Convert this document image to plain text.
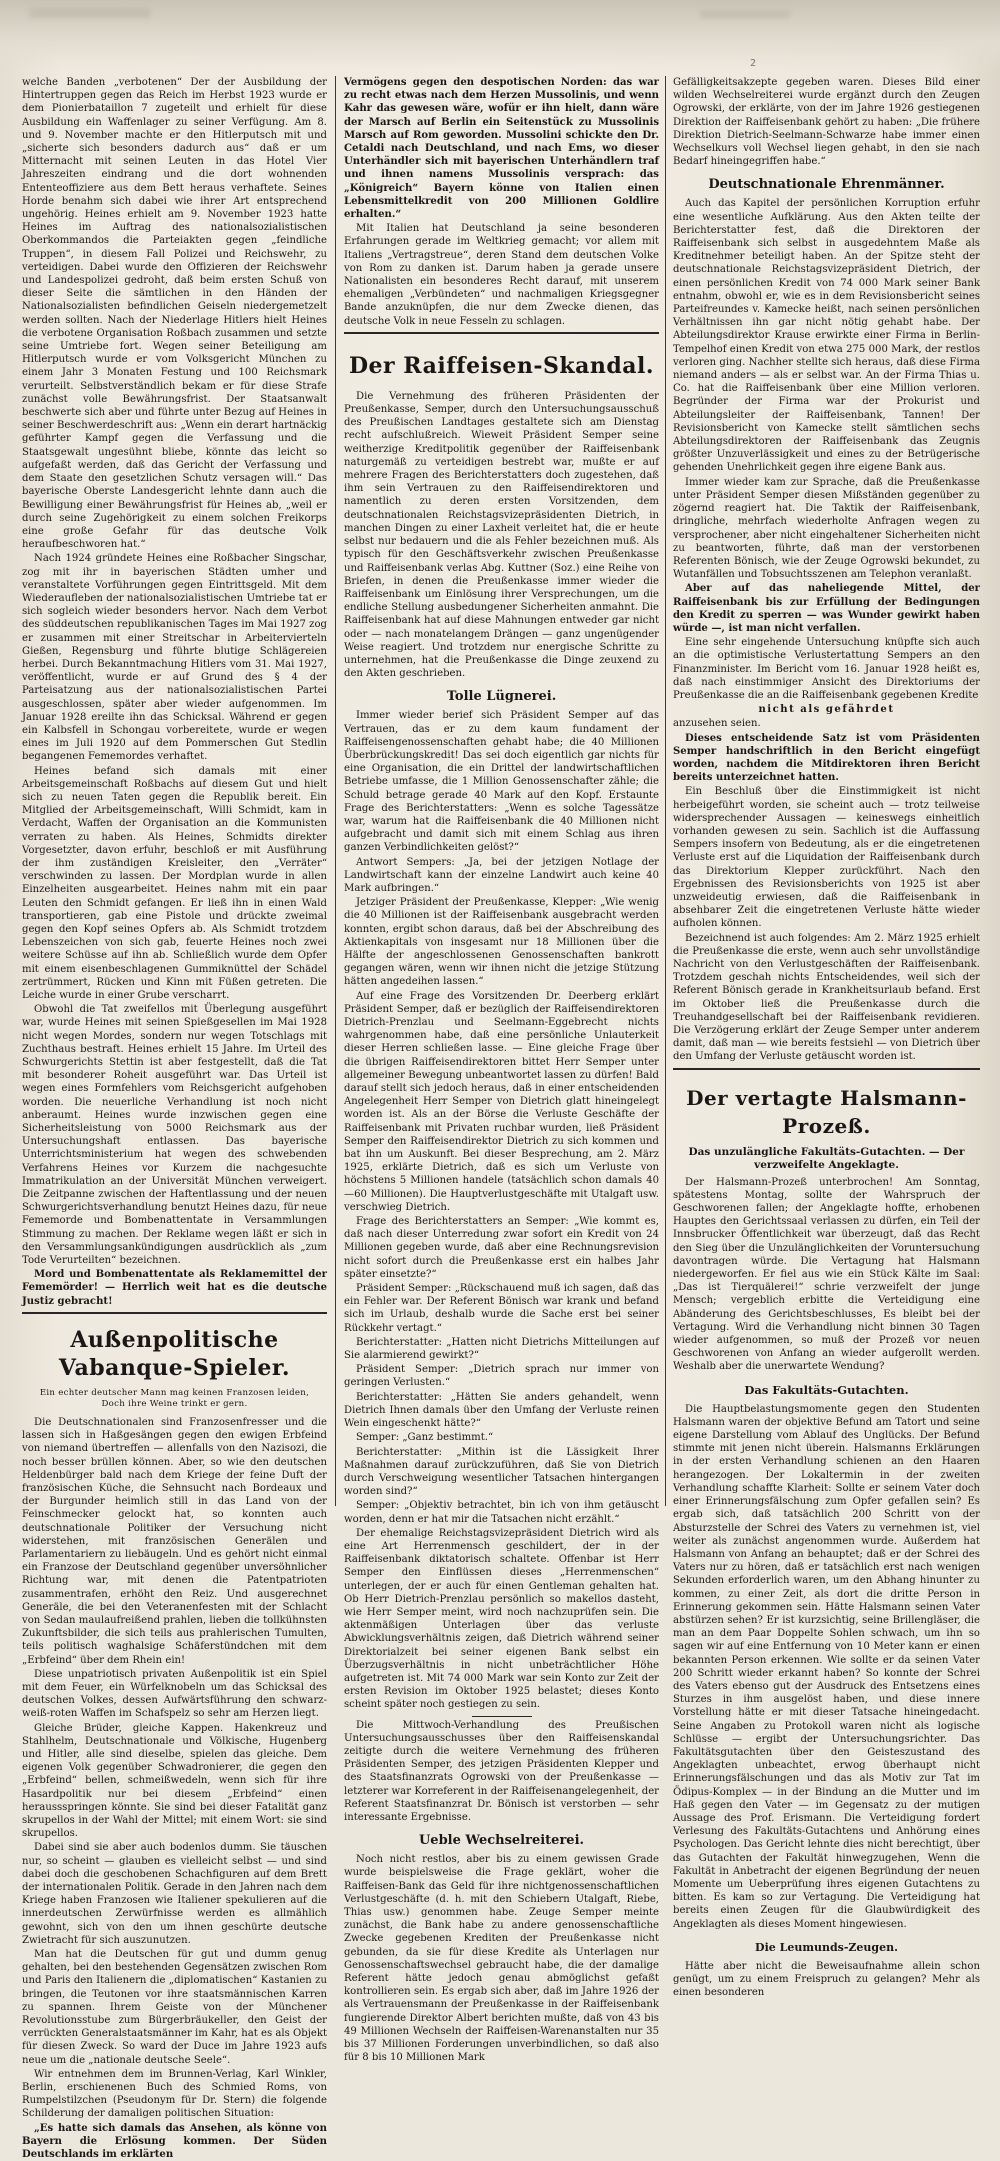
2

welche Banden „verbotenen“ Der der Ausbildung der Hintertruppen gegen das Reich im Herbst 1923 wurde er dem Pionierbataillon 7 zugeteilt und erhielt für diese Ausbildung ein Waffenlager zu seiner Verfügung. Am 8. und 9. November machte er den Hitlerputsch mit und „sicherte sich besonders dadurch aus“ daß er um Mitternacht mit seinen Leuten in das Hotel Vier Jahreszeiten eindrang und die dort wohnenden Ententeoffiziere aus dem Bett heraus verhaftete. Seines Horde benahm sich dabei wie ihrer Art entsprechend ungehörig. Heines erhielt am 9. November 1923 hatte Heines im Auftrag des nationalsozialistischen Oberkommandos die Parteiakten gegen „feindliche Truppen“, in diesem Fall Polizei und Reichswehr, zu verteidigen. Dabei wurde den Offizieren der Reichswehr und Landespolizei gedroht, daß beim ersten Schuß von dieser Seite die sämtlichen in den Händen der Nationalsozialisten befindlichen Geiseln niedergemetzelt werden sollten. Nach der Niederlage Hitlers hielt Heines die verbotene Organisation Roßbach zusammen und setzte seine Umtriebe fort. Wegen seiner Beteiligung am Hitlerputsch wurde er vom Volksgericht München zu einem Jahr 3 Monaten Festung und 100 Reichsmark verurteilt. Selbstverständlich bekam er für diese Strafe zunächst volle Bewährungsfrist. Der Staatsanwalt beschwerte sich aber und führte unter Bezug auf Heines in seiner Beschwerdeschrift aus: „Wenn ein derart hartnäckig geführter Kampf gegen die Verfassung und die Staatsgewalt ungesühnt bliebe, könnte das leicht so aufgefaßt werden, daß das Gericht der Verfassung und dem Staate den gesetzlichen Schutz versagen will.“ Das bayerische Oberste Landesgericht lehnte dann auch die Bewilligung einer Bewährungsfrist für Heines ab, „weil er durch seine Zugehörigkeit zu einem solchen Freikorps eine große Gefahr für das deutsche Volk heraufbeschworen hat.“

Nach 1924 gründete Heines eine Roßbacher Singschar, zog mit ihr in bayerischen Städten umher und veranstaltete Vorführungen gegen Eintrittsgeld. Mit dem Wiederaufleben der nationalsozialistischen Umtriebe tat er sich sogleich wieder besonders hervor. Nach dem Verbot des süddeutschen republikanischen Tages im Mai 1927 zog er zusammen mit einer Streitschar in Arbeitervierteln Gießen, Regensburg und führte blutige Schlägereien herbei. Durch Bekanntmachung Hitlers vom 31. Mai 1927, veröffentlicht, wurde er auf Grund des § 4 der Parteisatzung aus der nationalsozialistischen Partei ausgeschlossen, später aber wieder aufgenommen. Im Januar 1928 ereilte ihn das Schicksal. Während er gegen ein Kalbsfell in Schongau vorbereitete, wurde er wegen eines im Juli 1920 auf dem Pommerschen Gut Stedlin begangenen Fememordes verhaftet.

Heines befand sich damals mit einer Arbeitsgemeinschaft Roßbachs auf diesem Gut und hielt sich zu neuen Taten gegen die Republik bereit. Ein Mitglied der Arbeitsgemeinschaft, Willi Schmidt, kam in Verdacht, Waffen der Organisation an die Kommunisten verraten zu haben. Als Heines, Schmidts direkter Vorgesetzter, davon erfuhr, beschloß er mit Ausführung der ihm zuständigen Kreisleiter, den „Verräter“ verschwinden zu lassen. Der Mordplan wurde in allen Einzelheiten ausgearbeitet. Heines nahm mit ein paar Leuten den Schmidt gefangen. Er ließ ihn in einen Wald transportieren, gab eine Pistole und drückte zweimal gegen den Kopf seines Opfers ab. Als Schmidt trotzdem Lebenszeichen von sich gab, feuerte Heines noch zwei weitere Schüsse auf ihn ab. Schließlich wurde dem Opfer mit einem eisenbeschlagenen Gummiknüttel der Schädel zertrümmert, Rücken und Kinn mit Füßen getreten. Die Leiche wurde in einer Grube verscharrt.

Obwohl die Tat zweifellos mit Überlegung ausgeführt war, wurde Heines mit seinen Spießgesellen im Mai 1928 nicht wegen Mordes, sondern nur wegen Totschlags mit Zuchthaus bestraft. Heines erhielt 15 Jahre. Im Urteil des Schwurgerichts Stettin ist aber festgestellt, daß die Tat mit besonderer Roheit ausgeführt war. Das Urteil ist wegen eines Formfehlers vom Reichsgericht aufgehoben worden. Die neuerliche Verhandlung ist noch nicht anberaumt. Heines wurde inzwischen gegen eine Sicherheitsleistung von 5000 Reichsmark aus der Untersuchungshaft entlassen. Das bayerische Unterrichtsministerium hat wegen des schwebenden Verfahrens Heines vor Kurzem die nachgesuchte Immatrikulation an der Universität München verweigert. Die Zeitpanne zwischen der Haftentlassung und der neuen Schwurgerichtsverhandlung benutzt Heines dazu, für neue Fememorde und Bombenattentate in Versammlungen Stimmung zu machen. Der Reklame wegen läßt er sich in den Versammlungsankündigungen ausdrücklich als „zum Tode Verurteilten“ bezeichnen.

Mord und Bombenattentate als Reklamemittel der Fememörder! — Herrlich weit hat es die deutsche Justiz gebracht!

Außenpolitische Vabanque-Spieler.
Ein echter deutscher Mann mag keinen Franzosen leiden,
Doch ihre Weine trinkt er gern.

Die Deutschnationalen sind Franzosenfresser und die lassen sich in Haßgesängen gegen den ewigen Erbfeind von niemand übertreffen — allenfalls von den Nazisozi, die noch besser brüllen können. Aber, so wie den deutschen Heldenbürger bald nach dem Kriege der feine Duft der französischen Küche, die Sehnsucht nach Bordeaux und der Burgunder heimlich still in das Land von der Feinschmecker gelockt hat, so konnten auch deutschnationale Politiker der Versuchung nicht widerstehen, mit französischen Generälen und Parlamentariern zu liebäugeln. Und es gehört nicht einmal ein Franzose der Deutschland gegenüber unversöhnlicher Richtung war, mit denen die Patentpatrioten zusammentrafen, erhöht den Reiz. Und ausgerechnet Generäle, die bei den Veteranenfesten mit der Schlacht von Sedan maulaufreißend prahlen, lieben die tollkühnsten Zukunftsbilder, die sich teils aus prahlerischen Tumulten, teils politisch waghalsige Schäferstündchen mit dem „Erbfeind“ über dem Rhein ein!

Diese unpatriotisch privaten Außenpolitik ist ein Spiel mit dem Feuer, ein Würfelknobeln um das Schicksal des deutschen Volkes, dessen Aufwärtsführung den schwarz-weiß-roten Waffen im Schafspelz so sehr am Herzen liegt.

Gleiche Brüder, gleiche Kappen. Hakenkreuz und Stahlhelm, Deutschnationale und Völkische, Hugenberg und Hitler, alle sind dieselbe, spielen das gleiche. Dem eigenen Volk gegenüber Schwadronierer, die gegen den „Erbfeind“ bellen, schmeißwedeln, wenn sich für ihre Hasardpolitik nur bei diesem „Erbfeind“ einen heraussspringen könnte. Sie sind bei dieser Fatalität ganz skrupellos in der Wahl der Mittel; mit einem Wort: sie sind skrupellos.

Dabei sind sie aber auch bodenlos dumm. Sie täuschen nur, so scheint — glauben es vielleicht selbst — und sind dabei doch die geschobenen Schachfiguren auf dem Brett der internationalen Politik. Gerade in den Jahren nach dem Kriege haben Franzosen wie Italiener spekulieren auf die innerdeutschen Zerwürfnisse werden es allmählich gewohnt, sich von den um ihnen geschürte deutsche Zwietracht für sich auszunutzen.

Man hat die Deutschen für gut und dumm genug gehalten, bei den bestehenden Gegensätzen zwischen Rom und Paris den Italienern die „diplomatischen“ Kastanien zu bringen, die Teutonen vor ihre staatsmännischen Karren zu spannen. Ihrem Geiste von der Münchener Revolutionsstube zum Bürgerbräukeller, den Geist der verrückten Generalstaatsmänner im Kahr, hat es als Objekt für diesen Zweck. So ward der Duce im Jahre 1923 aufs neue um die „nationale deutsche Seele“.

Wir entnehmen dem im Brunnen-Verlag, Karl Winkler, Berlin, erschienenen Buch des Schmied Roms, von Rumpelstilzchen (Pseudonym für Dr. Stern) die folgende Schilderung der damaligen politischen Situation:

„Es hatte sich damals das Ansehen, als könne von Bayern die Erlösung kommen. Der Süden Deutschlands im erklärten

Vermögens gegen den despotischen Norden: das war zu recht etwas nach dem Herzen Mussolinis, und wenn Kahr das gewesen wäre, wofür er ihn hielt, dann wäre der Marsch auf Berlin ein Seitenstück zu Mussolinis Marsch auf Rom geworden. Mussolini schickte den Dr. Cetaldi nach Deutschland, und nach Ems, wo dieser Unterhändler sich mit bayerischen Unterhändlern traf und ihnen namens Mussolinis versprach: das „Königreich“ Bayern könne von Italien einen Lebensmittelkredit von 200 Millionen Goldlire erhalten.“

Mit Italien hat Deutschland ja seine besonderen Erfahrungen gerade im Weltkrieg gemacht; vor allem mit Italiens „Vertragstreue“, deren Stand dem deutschen Volke von Rom zu danken ist. Darum haben ja gerade unsere Nationalisten ein besonderes Recht darauf, mit unserem ehemaligen „Verbündeten“ und nachmaligen Kriegsgegner Bande anzuknüpfen, die nur dem Zwecke dienen, das deutsche Volk in neue Fesseln zu schlagen.

Der Raiffeisen-Skandal.

Die Vernehmung des früheren Präsidenten der Preußenkasse, Semper, durch den Untersuchungsausschuß des Preußischen Landtages gestaltete sich am Dienstag recht aufschlußreich. Wieweit Präsident Semper seine weitherzige Kreditpolitik gegenüber der Raiffeisenbank naturgemäß zu verteidigen bestrebt war, mußte er auf mehrere Fragen des Berichterstatters doch zugestehen, daß ihm sein Vertrauen zu den Raiffeisendirektoren und namentlich zu deren ersten Vorsitzenden, dem deutschnationalen Reichstagsvizepräsidenten Dietrich, in manchen Dingen zu einer Laxheit verleitet hat, die er heute selbst nur bedauern und die als Fehler bezeichnen muß. Als typisch für den Geschäftsverkehr zwischen Preußenkasse und Raiffeisenbank verlas Abg. Kuttner (Soz.) eine Reihe von Briefen, in denen die Preußenkasse immer wieder die Raiffeisenbank um Einlösung ihrer Versprechungen, um die endliche Stellung ausbedungener Sicherheiten anmahnt. Die Raiffeisenbank hat auf diese Mahnungen entweder gar nicht oder — nach monatelangem Drängen — ganz ungenügender Weise reagiert. Und trotzdem nur energische Schritte zu unternehmen, hat die Preußenkasse die Dinge zeuxend zu den Akten geschrieben.

Tolle Lügnerei.

Immer wieder berief sich Präsident Semper auf das Vertrauen, das er zu dem kaum fundament der Raiffeisengenossenschaften gehabt habe; die 40 Millionen Überbrückungskredit! Das sei doch eigentlich gar nichts für eine Organisation, die ein Drittel der landwirtschaftlichen Betriebe umfasse, die 1 Million Genossenschafter zähle; die Schuld betrage gerade 40 Mark auf den Kopf. Erstaunte Frage des Berichterstatters: „Wenn es solche Tagessätze war, warum hat die Raiffeisenbank die 40 Millionen nicht aufgebracht und damit sich mit einem Schlag aus ihren ganzen Verbindlichkeiten gelöst?“

Antwort Sempers: „Ja, bei der jetzigen Notlage der Landwirtschaft kann der einzelne Landwirt auch keine 40 Mark aufbringen.“

Jetziger Präsident der Preußenkasse, Klepper: „Wie wenig die 40 Millionen ist der Raiffeisenbank ausgebracht werden konnten, ergibt schon daraus, daß bei der Abschreibung des Aktienkapitals von insgesamt nur 18 Millionen über die Hälfte der angeschlossenen Genossenschaften bankrott gegangen wären, wenn wir ihnen nicht die jetzige Stützung hätten angedeihen lassen.“

Auf eine Frage des Vorsitzenden Dr. Deerberg erklärt Präsident Semper, daß er bezüglich der Raiffeisendirektoren Dietrich-Prenzlau und Seelmann-Eggebrecht nichts wahrgenommen habe, daß eine persönliche Unlauterkeit dieser Herren schließen lasse. — Eine gleiche Frage über die übrigen Raiffeisendirektoren bittet Herr Semper unter allgemeiner Bewegung unbeantwortet lassen zu dürfen! Bald darauf stellt sich jedoch heraus, daß in einer entscheidenden Angelegenheit Herr Semper von Dietrich glatt hineingelegt worden ist. Als an der Börse die Verluste Geschäfte der Raiffeisenbank mit Privaten ruchbar wurden, ließ Präsident Semper den Raiffeisendirektor Dietrich zu sich kommen und bat ihn um Auskunft. Bei dieser Besprechung, am 2. März 1925, erklärte Dietrich, daß es sich um Verluste von höchstens 5 Millionen handele (tatsächlich schon damals 40—60 Millionen). Die Hauptverlustgeschäfte mit Utalgaft usw. verschwieg Dietrich.

Frage des Berichterstatters an Semper: „Wie kommt es, daß nach dieser Unterredung zwar sofort ein Kredit von 24 Millionen gegeben wurde, daß aber eine Rechnungsrevision nicht sofort durch die Preußenkasse erst ein halbes Jahr später einsetzte?“

Präsident Semper: „Rückschauend muß ich sagen, daß das ein Fehler war. Der Referent Bönisch war krank und befand sich im Urlaub, deshalb wurde die Sache erst bei seiner Rückkehr vertagt.“

Berichterstatter: „Hatten nicht Dietrichs Mitteilungen auf Sie alarmierend gewirkt?“

Präsident Semper: „Dietrich sprach nur immer von geringen Verlusten.“

Berichterstatter: „Hätten Sie anders gehandelt, wenn Dietrich Ihnen damals über den Umfang der Verluste reinen Wein eingeschenkt hätte?“

Semper: „Ganz bestimmt.“

Berichterstatter: „Mithin ist die Lässigkeit Ihrer Maßnahmen darauf zurückzuführen, daß Sie von Dietrich durch Verschweigung wesentlicher Tatsachen hintergangen worden sind?“

Semper: „Objektiv betrachtet, bin ich von ihm getäuscht worden, denn er hat mir die Tatsachen nicht erzählt.“

Der ehemalige Reichstagsvizepräsident Dietrich wird als eine Art Herrenmensch geschildert, der in der Raiffeisenbank diktatorisch schaltete. Offenbar ist Herr Semper den Einflüssen dieses „Herrenmenschen“ unterlegen, der er auch für einen Gentleman gehalten hat. Ob Herr Dietrich-Prenzlau persönlich so makellos dasteht, wie Herr Semper meint, wird noch nachzuprüfen sein. Die aktenmäßigen Unterlagen über das verluste Abwicklungsverhältnis zeigen, daß Dietrich während seiner Direktorialzeit bei seiner eigenen Bank selbst ein Überzugsverhältnis in nicht unbeträchtlicher Höhe aufgetreten ist. Mit 74 000 Mark war sein Konto zur Zeit der ersten Revision im Oktober 1925 belastet; dieses Konto scheint später noch gestiegen zu sein.

Die Mittwoch-Verhandlung des Preußischen Untersuchungsausschusses über den Raiffeisenskandal zeitigte durch die weitere Vernehmung des früheren Präsidenten Semper, des jetzigen Präsidenten Klepper und des Staatsfinanzrats Ogrowski von der Preußenkasse — letzterer war Korreferent in der Raiffeisenangelegenheit, der Referent Staatsfinanzrat Dr. Bönisch ist verstorben — sehr interessante Ergebnisse.

Ueble Wechselreiterei.

Noch nicht restlos, aber bis zu einem gewissen Grade wurde beispielsweise die Frage geklärt, woher die Raiffeisen-Bank das Geld für ihre nichtgenossenschaftlichen Verlustgeschäfte (d. h. mit den Schiebern Utalgaft, Riebe, Thias usw.) genommen habe. Zeuge Semper meinte zunächst, die Bank habe zu andere genossenschaftliche Zwecke gegebenen Krediten der Preußenkasse nicht gebunden, da sie für diese Kredite als Unterlagen nur Genossenschaftswechsel gebraucht habe, die der damalige Referent hätte jedoch genau abmöglichst gefaßt kontrollieren sein. Es ergab sich aber, daß im Jahre 1926 der als Vertrauensmann der Preußenkasse in der Raiffeisenbank fungierende Direktor Albert berichten mußte, daß von 43 bis 49 Millionen Wechseln der Raiffeisen-Warenanstalten nur 35 bis 37 Millionen Forderungen unverbindlichen, so daß also für 8 bis 10 Millionen Mark

Gefälligkeitsakzepte gegeben waren. Dieses Bild einer wilden Wechselreiterei wurde ergänzt durch den Zeugen Ogrowski, der erklärte, von der im Jahre 1926 gestiegenen Direktion der Raiffeisenbank gehört zu haben: „Die frühere Direktion Dietrich-Seelmann-Schwarze habe immer einen Wechselkurs voll Wechsel liegen gehabt, in den sie nach Bedarf hineingegriffen habe.“

Deutschnationale Ehrenmänner.

Auch das Kapitel der persönlichen Korruption erfuhr eine wesentliche Aufklärung. Aus den Akten teilte der Berichterstatter fest, daß die Direktoren der Raiffeisenbank sich selbst in ausgedehntem Maße als Kreditnehmer beteiligt haben. An der Spitze steht der deutschnationale Reichstagsvizepräsident Dietrich, der einen persönlichen Kredit von 74 000 Mark seiner Bank entnahm, obwohl er, wie es in dem Revisionsbericht seines Parteifreundes v. Kamecke heißt, nach seinen persönlichen Verhältnissen ihn gar nicht nötig gehabt habe. Der Abteilungsdirektor Krause erwirkte einer Firma in Berlin-Tempelhof einen Kredit von etwa 275 000 Mark, der restlos verloren ging. Nachher stellte sich heraus, daß diese Firma niemand anders — als er selbst war. An der Firma Thias u. Co. hat die Raiffeisenbank über eine Million verloren. Begründer der Firma war der Prokurist und Abteilungsleiter der Raiffeisenbank, Tannen! Der Revisionsbericht von Kamecke stellt sämtlichen sechs Abteilungsdirektoren der Raiffeisenbank das Zeugnis größter Unzuverlässigkeit und eines zu der Betrügerische gehenden Unehrlichkeit gegen ihre eigene Bank aus.

Immer wieder kam zur Sprache, daß die Preußenkasse unter Präsident Semper diesen Mißständen gegenüber zu zögernd reagiert hat. Die Taktik der Raiffeisenbank, dringliche, mehrfach wiederholte Anfragen wegen zu versprochener, aber nicht eingehaltener Sicherheiten nicht zu beantworten, führte, daß man der verstorbenen Referenten Bönisch, wie der Zeuge Ogrowski bekundet, zu Wutanfällen und Tobsuchtsszenen am Telephon veranlaßt.

Aber auf das naheliegende Mittel, der Raiffeisenbank bis zur Erfüllung der Bedingungen den Kredit zu sperren — was Wunder gewirkt haben würde —, ist man nicht verfallen.

Eine sehr eingehende Untersuchung knüpfte sich auch an die optimistische Verlustertattung Sempers an den Finanzminister. Im Bericht vom 16. Januar 1928 heißt es, daß nach einstimmiger Ansicht des Direktoriums der Preußenkasse die an die Raiffeisenbank gegebenen Kredite

nicht als gefährdet

anzusehen seien.

Dieses entscheidende Satz ist vom Präsidenten Semper handschriftlich in den Bericht eingefügt worden, nachdem die Mitdirektoren ihren Bericht bereits unterzeichnet hatten.

Ein Beschluß über die Einstimmigkeit ist nicht herbeigeführt worden, sie scheint auch — trotz teilweise widersprechender Aussagen — keineswegs einheitlich vorhanden gewesen zu sein. Sachlich ist die Auffassung Sempers insofern von Bedeutung, als er die eingetretenen Verluste erst auf die Liquidation der Raiffeisenbank durch das Direktorium Klepper zurückführt. Nach den Ergebnissen des Revisionsberichts von 1925 ist aber unzweideutig erwiesen, daß die Raiffeisenbank in absehbarer Zeit die eingetretenen Verluste hätte wieder aufholen können.

Bezeichnend ist auch folgendes: Am 2. März 1925 erhielt die Preußenkasse die erste, wenn auch sehr unvollständige Nachricht von den Verlustgeschäften der Raiffeisenbank. Trotzdem geschah nichts Entscheidendes, weil sich der Referent Bönisch gerade in Krankheitsurlaub befand. Erst im Oktober ließ die Preußenkasse durch die Treuhandgesellschaft bei der Raiffeisenbank revidieren. Die Verzögerung erklärt der Zeuge Semper unter anderem damit, daß man — wie bereits festsiehl — von Dietrich über den Umfang der Verluste getäuscht worden ist.

Der vertagte Halsmann-Prozeß.
Das unzulängliche Fakultäts-Gutachten. — Der verzweifelte Angeklagte.

Der Halsmann-Prozeß unterbrochen! Am Sonntag, spätestens Montag, sollte der Wahrspruch der Geschworenen fallen; der Angeklagte hoffte, erhobenen Hauptes den Gerichtssaal verlassen zu dürfen, ein Teil der Innsbrucker Öffentlichkeit war überzeugt, daß das Recht den Sieg über die Unzulänglichkeiten der Voruntersuchung davontragen würde. Die Vertagung hat Halsmann niedergeworfen. Er fiel aus wie ein Stück Kälte im Saal: „Das ist Tierquälerei!“ schrie verzweifelt der junge Mensch; vergeblich erbitte die Verteidigung eine Abänderung des Gerichtsbeschlusses, Es bleibt bei der Vertagung. Wird die Verhandlung nicht binnen 30 Tagen wieder aufgenommen, so muß der Prozeß vor neuen Geschworenen von Anfang an wieder aufgerollt werden. Weshalb aber die unerwartete Wendung?

Das Fakultäts-Gutachten.

Die Hauptbelastungsmomente gegen den Studenten Halsmann waren der objektive Befund am Tatort und seine eigene Darstellung vom Ablauf des Unglücks. Der Befund stimmte mit jenen nicht überein. Halsmanns Erklärungen in der ersten Verhandlung schienen an den Haaren herangezogen. Der Lokaltermin in der zweiten Verhandlung schaffte Klarheit: Sollte er seinem Vater doch einer Erinnerungsfälschung zum Opfer gefallen sein? Es ergab sich, daß tatsächlich 200 Schritt von der Absturzstelle der Schrei des Vaters zu vernehmen ist, viel weiter als zunächst angenommen wurde. Außerdem hat Halsmann von Anfang an behauptet; daß er der Schrei des Vaters nur zu hören, daß er tatsächlich erst nach wenigen Sekunden erforderlich waren, um den Abhang hinunter zu kommen, zu einer Zeit, als dort die dritte Person in Erinnerung gekommen sein. Hätte Halsmann seinen Vater abstürzen sehen? Er ist kurzsichtig, seine Brillengläser, die man an dem Paar Doppelte Sohlen schwach, um ihn so sagen wir auf eine Entfernung von 10 Meter kann er einen bekannten Person erkennen. Wie sollte er da seinen Vater 200 Schritt wieder erkannt haben? So konnte der Schrei des Vaters ebenso gut der Ausdruck des Entsetzens eines Sturzes in ihm ausgelöst haben, und diese innere Vorstellung hätte er mit dieser Tatsache hineingedacht. Seine Angaben zu Protokoll waren nicht als logische Schlüsse — ergibt der Untersuchungsrichter. Das Fakultätsgutachten über den Geisteszustand des Angeklagten unbeachtet, erwog überhaupt nicht Erinnerungsfälschungen und das als Motiv zur Tat im Ödipus-Komplex — in der Bindung an die Mutter und im Haß gegen den Vater — im Gegensatz zu der mutigen Aussage des Prof. Erismann. Die Verteidigung fordert Verlesung des Fakultäts-Gutachtens und Anhörung eines Psychologen. Das Gericht lehnte dies nicht berechtigt, über das Gutachten der Fakultät hinwegzugehen, Wenn die Fakultät in Anbetracht der eigenen Begründung der neuen Momente um Ueberprüfung ihres eigenen Gutachtens zu bitten. Es kam so zur Vertagung. Die Verteidigung hat bereits einen Zeugen für die Glaubwürdigkeit des Angeklagten als dieses Moment hingewiesen.

Die Leumunds-Zeugen.

Hätte aber nicht die Beweisaufnahme allein schon genügt, um zu einem Freispruch zu gelangen? Mehr als einen besonderen
